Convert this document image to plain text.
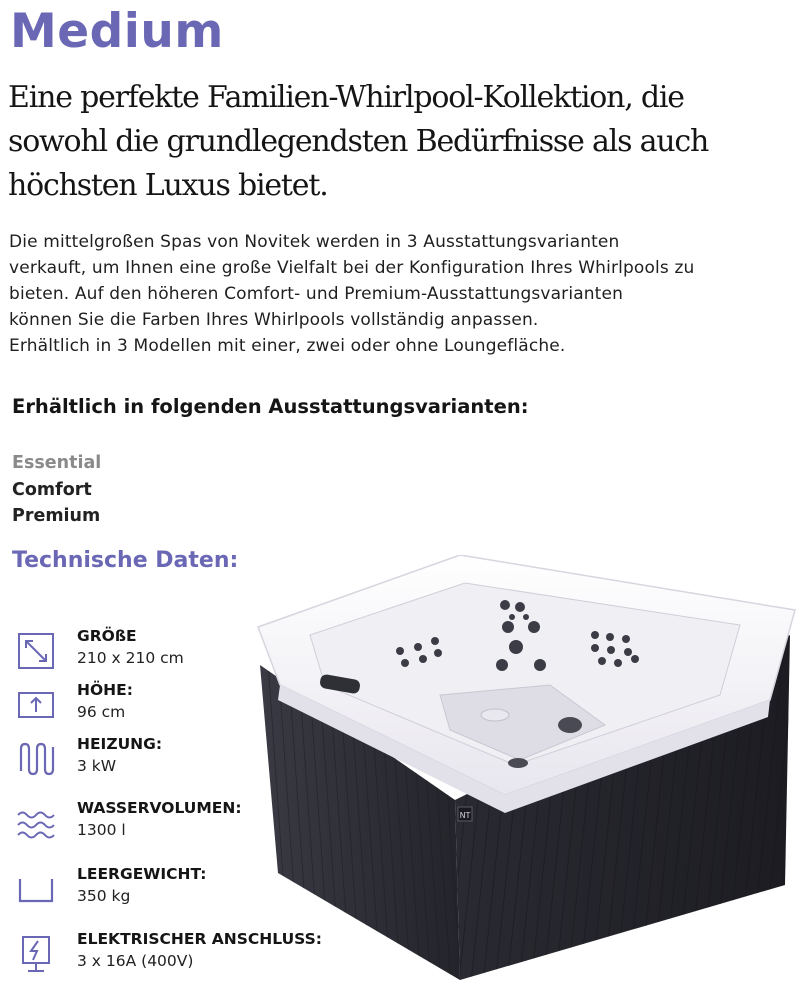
Medium
Eine perfekte Familien-Whirlpool-Kollektion, die sowohl die grundlegendsten Bedürfnisse als auch höchsten Luxus bietet.
Die mittelgroßen Spas von Novitek werden in 3 Ausstattungsvarianten
verkauft, um Ihnen eine große Vielfalt bei der Konfiguration Ihres Whirlpools zu
bieten. Auf den höheren Comfort- und Premium-Ausstattungsvarianten
können Sie die Farben Ihres Whirlpools vollständig anpassen.
Erhältlich in 3 Modellen mit einer, zwei oder ohne Loungefläche.
Erhältlich in folgenden Ausstattungsvarianten:
Essential
Comfort
Premium
Technische Daten:
GRÖßE
210 x 210 cm
HÖHE:
96 cm
HEIZUNG:
3 kW
WASSERVOLUMEN:
1300 l
LEERGEWICHT:
350 kg
ELEKTRISCHER ANSCHLUSS:
3 x 16A (400V)
NT
